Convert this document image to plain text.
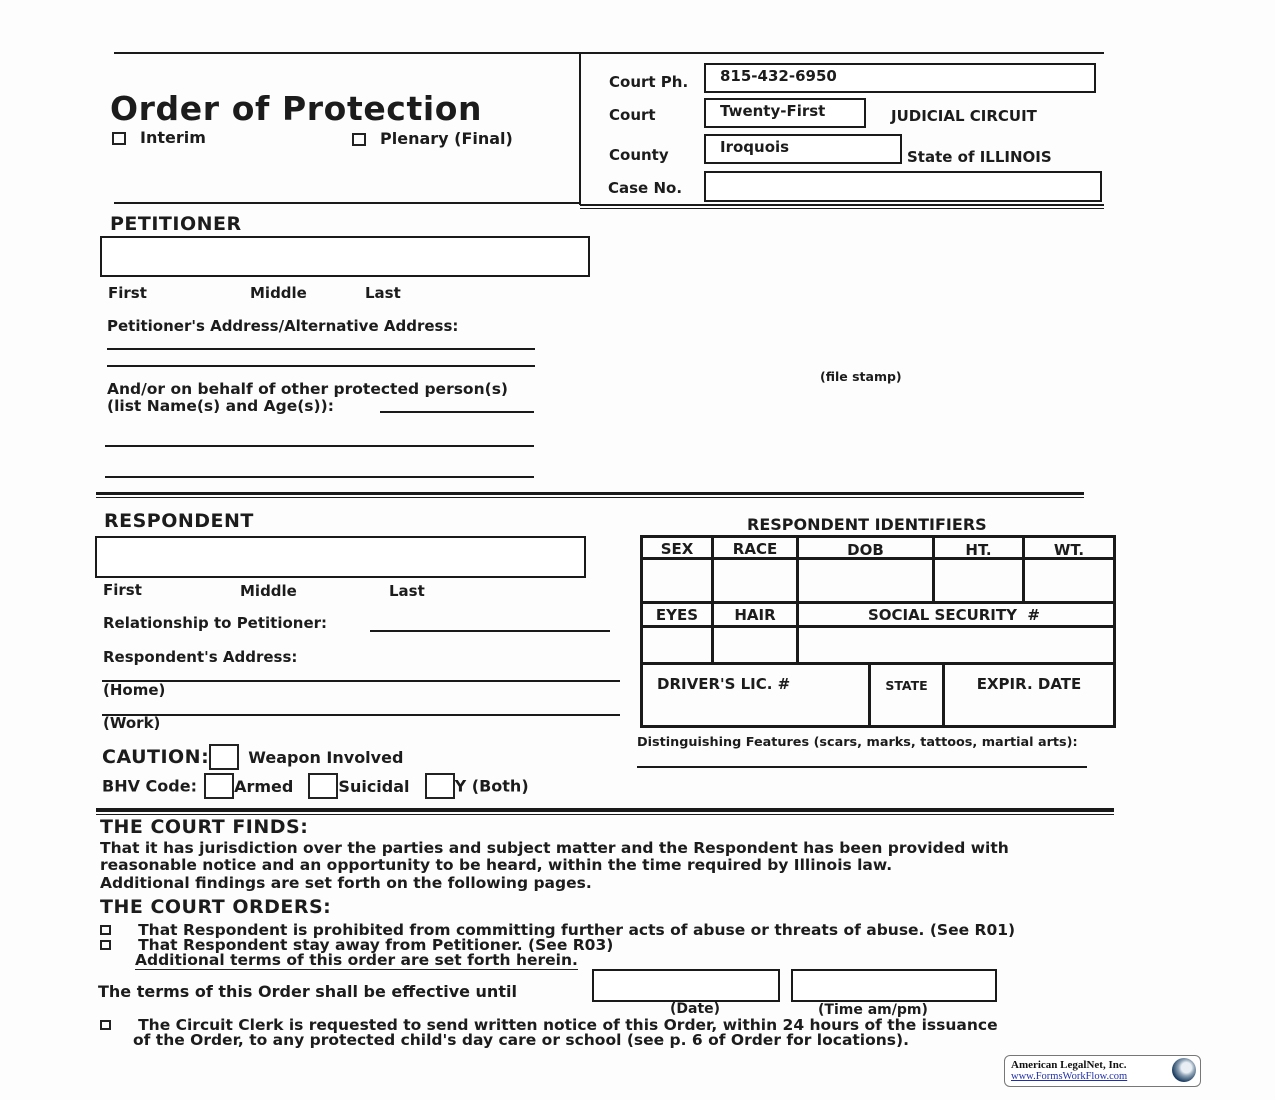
Order of Protection
Interim	Plenary (Final)
Court Ph. 815-432-6950
Court	Twenty-First	JUDICIAL CIRCUIT
County	Iroquois
State of ILLINOIS
Case No.
PETITIONER
First	Middle	Last
Petitioner's Address/Alternative Address:
And/or on behalf of other protected person(s)
(list Name(s) and Age(s)):
(file stamp)
RESPONDENT
First	Middle	Last
Relationship to Petitioner:
Respondent's Address:
(Home)
(Work)
CAUTION: Weapon Involved
BHV Code: Armed	Suicidal	Y (Both)
RESPONDENT IDENTIFIERS
SEX	RACE	DOB	HT.	WT.
EYES	HAIR	SOCIAL SECURITY  #
DRIVER'S LIC. #	STATE	EXPIR. DATE
Distinguishing Features (scars, marks, tattoos, martial arts):
THE COURT FINDS:
That it has jurisdiction over the parties and subject matter and the Respondent has been provided with
reasonable notice and an opportunity to be heard, within the time required by Illinois law.
Additional findings are set forth on the following pages.
THE COURT ORDERS:
That Respondent is prohibited from committing further acts of abuse or threats of abuse. (See R01)
That Respondent stay away from Petitioner. (See R03)
Additional terms of this order are set forth herein.
The terms of this Order shall be effective until
(Date)	(Time am/pm)
The Circuit Clerk is requested to send written notice of this Order, within 24 hours of the issuance
of the Order, to any protected child's day care or school (see p. 6 of Order for locations).
American LegalNet, Inc.
www.FormsWorkFlow.com
